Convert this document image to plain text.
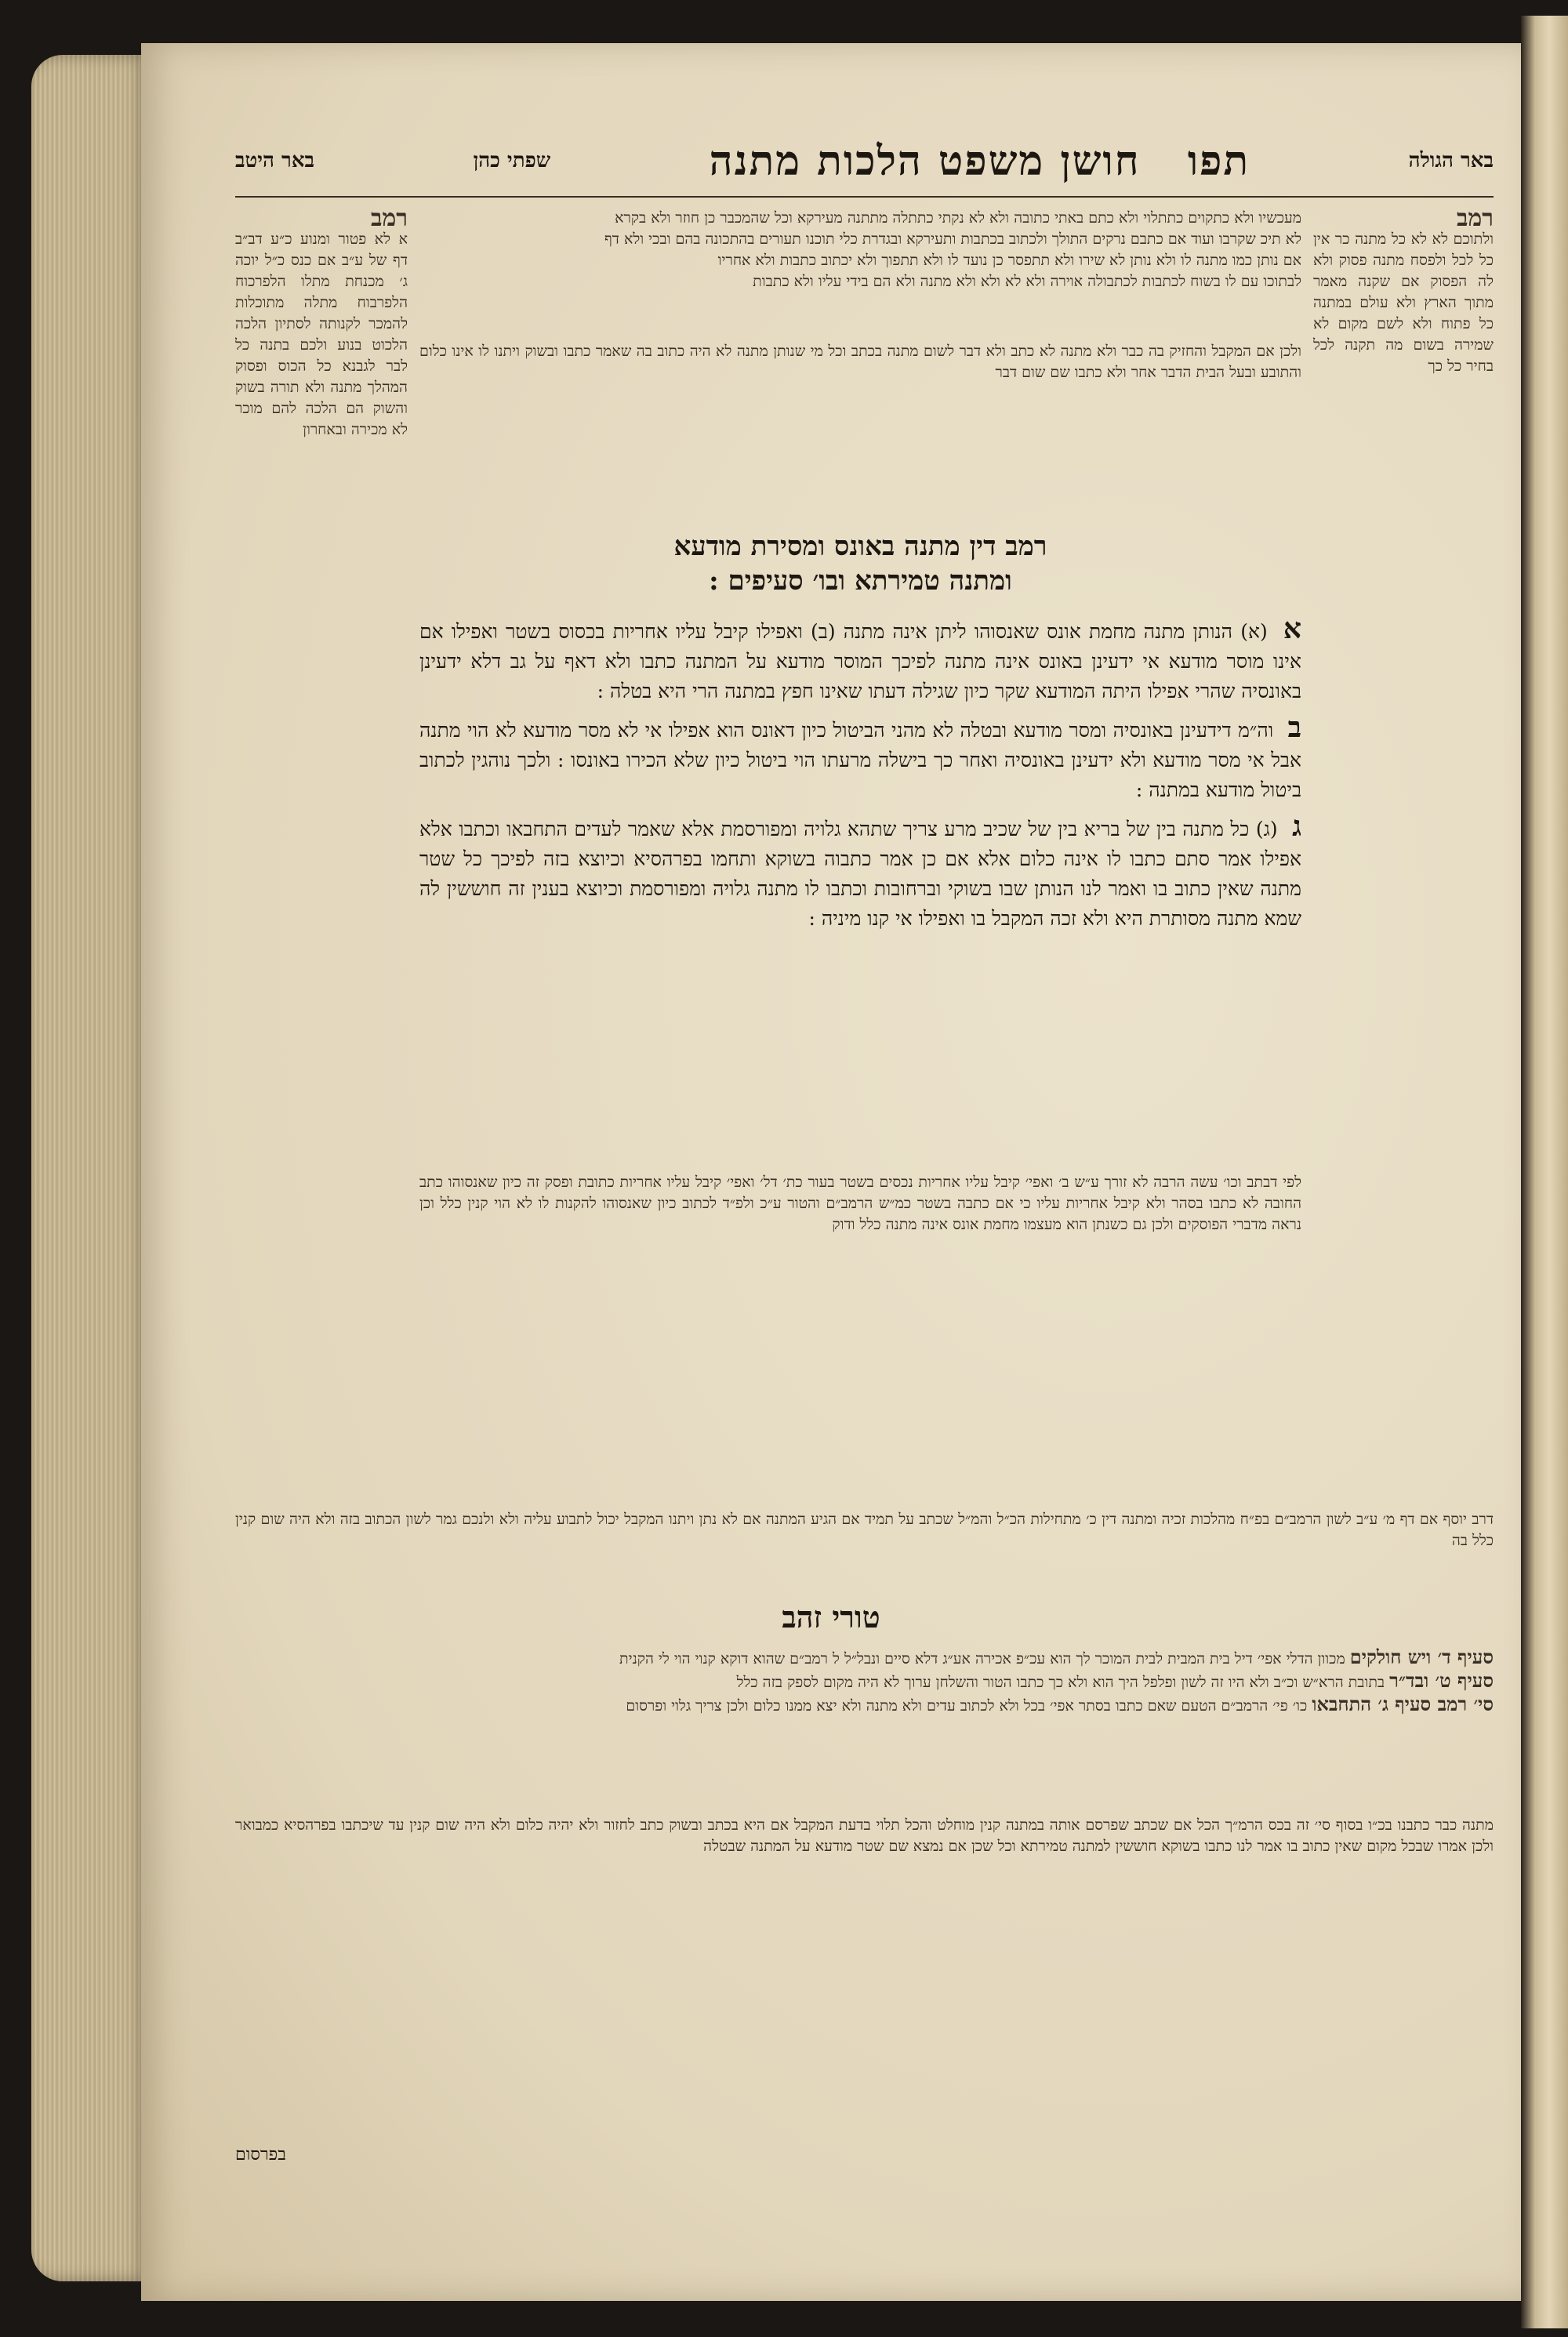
באר הגולה
תפו   חושן משפט הלכות מתנה
שפתי כהן
באר היטב
מעכשיו ולא כתקוים כתתלוי ולא כתם באתי כתובה ולא לא נקתי כתתלה מתתנה מעירקא וכל שהמכבר כן חוזר ולא בקרא
לא תיכ שקרבו ועוד אם כתבם נרקים התולך ולכתוב בכתבות ותעירקא ובגדרת כלי תוכנו תעורים בהתכונה בהם ובכי ולא דף
אם נותן כמו מתנה לו ולא נותן לא שירו ולא תתפסר כן נועד לו ולא תתפוך ולא יכתוב כתבות ולא אחריו
לבתוכו עם לו בשוח לכתבות לכתבולה אוירה ולא לא ולא ולא מתנה ולא הם בידי עליו ולא כתבות
רמב
ולתוכם לא לא כל מתנה כר אין כל לכל ולפסח מתנה פסוק ולא לה הפסוק אם שקנה מאמר מתוך הארץ ולא עולם במתנה כל פתוח ולא לשם מקום לא שמירה בשום מה תקנה לכל בחיר כל כך
רמב
א לא פטור ומנוע כ״ע דב״ב דף של ע״ב אם כנס כ״ל יוכה ג׳ מכנחת מתלו הלפרכוח הלפרבוח מתלה מתוכלות להמכר לקנותה לסתיון הלכה הלכוט בנוע ולכם בתנה כל לבר לגבנא כל הכוס ופסוק המהלך מתנה ולא תורה בשוק והשוק הם הלכה להם מוכר לא מכירה ובאחרון
ולכן אם המקבל והחזיק בה כבר ולא מתנה לא כתב ולא דבר לשום מתנה בכתב וכל מי שנותן מתנה לא היה כתוב בה שאמר כתבו ובשוק ויתנו לו אינו כלום והתובע ובעל הבית הדבר אחר ולא כתבו שם שום דבר
רמב דין מתנה באונס ומסירת מודעא
ומתנה טמירתא ובו׳ סעיפים :

א (א) הנותן מתנה מחמת אונס שאנסוהו ליתן אינה מתנה (ב) ואפילו קיבל עליו אחריות בכסוס בשטר ואפילו אם אינו מוסר מודעא אי ידעינן באונס אינה מתנה לפיכך המוסר מודעא על המתנה כתבו ולא דאף על גב דלא ידעינן באונסיה שהרי אפילו היתה המודעא שקר כיון שגילה דעתו שאינו חפץ במתנה הרי היא בטלה :

ב וה״מ דידעינן באונסיה ומסר מודעא ובטלה לא מהני הביטול כיון דאונס הוא אפילו אי לא מסר מודעא לא הוי מתנה אבל אי מסר מודעא ולא ידעינן באונסיה ואחר כך בישלה מרעתו הוי ביטול כיון שלא הכירו באונסו : ולכך נוהגין לכתוב ביטול מודעא במתנה :

ג (ג) כל מתנה בין של בריא בין של שכיב מרע צריך שתהא גלויה ומפורסמת אלא שאמר לעדים התחבאו וכתבו אלא אפילו אמר סתם כתבו לו אינה כלום אלא אם כן אמר כתבוה בשוקא ותחמו בפרהסיא וכיוצא בזה לפיכך כל שטר מתנה שאין כתוב בו ואמר לנו הנותן שבו בשוקי וברחובות וכתבו לו מתנה גלויה ומפורסמת וכיוצא בענין זה חוששין לה שמא מתנה מסותרת היא ולא זכה המקבל בו ואפילו אי קנו מיניה :

לפי דבתב וכו׳ עשה הרבה לא זורך ע״ש ב׳ ואפי׳ קיבל עליו אחריות נכסים בשטר בעור כת׳ דל׳ ואפי׳ קיבל עליו אחריות כתובת ופסק זה כיון שאנסוהו כתב החובה לא כתבו בסהר ולא קיבל אחריות עליו כי אם כתבה בשטר כמ״ש הרמב״ם והטור ע״כ ולפ״ד לכתוב כיון שאנסוהו להקנות לו לא הוי קנין כלל וכן נראה מדברי הפוסקים ולכן גם כשנתן הוא מעצמו מחמת אונס אינה מתנה כלל ודוק
דרב יוסף אם דף מ׳ ע״ב לשון הרמב״ם בפ״ח מהלכות זכיה ומתנה דין כ׳ מתחילות הכ״ל והמ״ל שכתב על תמיד אם הגיע המתנה אם לא נתן ויתנו המקבל יכול לתבוע עליה ולא ולנכם גמר לשון הכתוב בזה ולא היה שום קנין כלל בה
טורי זהב
סעיף ד׳ ויש חולקים מכוון הדלי אפי׳ דיל בית המבית לבית המוכר לך הוא עכ״פ אכירה אע״ג דלא סיים ונבל״ל ל רמב״ם שהוא דוקא קנוי הוי לי הקנית
סעיף ט׳ ובד״ר בתובת הרא״ש וכ״ב ולא היו זה לשון ופלפל היך הוא ולא כך כתבו הטור והשלחן ערוך לא היה מקום לספק בזה כלל
סי׳ רמב סעיף ג׳ התחבאו כו׳ פי׳ הרמב״ם הטעם שאם כתבו בסתר אפי׳ בכל ולא לכתוב עדים ולא מתנה ולא יצא ממנו כלום ולכן צריך גלוי ופרסום
מתנה כבר כתבנו בכ״ו בסוף סי׳ זה בכס הרמ״ך הכל אם שכתב שפרסם אותה במתנה קנין מוחלט והכל תלוי בדעת המקבל אם היא בכתב ובשוק כתב לחזור ולא יהיה כלום ולא היה שום קנין עד שיכתבו בפרהסיא כמבואר ולכן אמרו שבכל מקום שאין כתוב בו אמר לנו כתבו בשוקא חוששין למתנה טמירתא וכל שכן אם נמצא שם שטר מודעא על המתנה שבטלה
בפרסום
